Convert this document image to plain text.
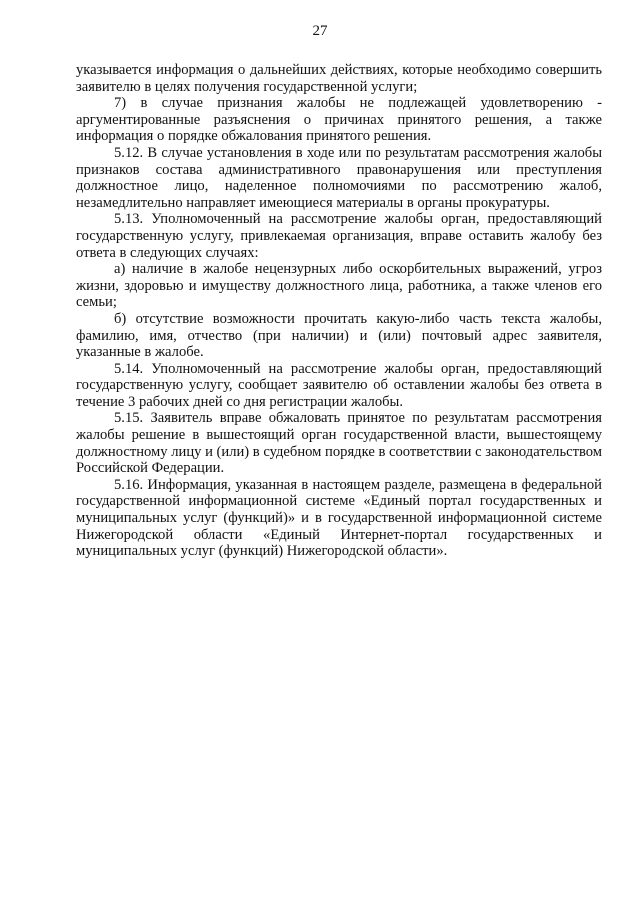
27

указывается информация о дальнейших действиях, которые необходимо совершить заявителю в целях получения государственной услуги;

7) в случае признания жалобы не подлежащей удовлетворению - аргументированные разъяснения о причинах принятого решения, а также информация о порядке обжалования принятого решения.

5.12. В случае установления в ходе или по результатам рассмотрения жалобы признаков состава административного правонарушения или преступления должностное лицо, наделенное полномочиями по рассмотрению жалоб, незамедлительно направляет имеющиеся материалы в органы прокуратуры.

5.13. Уполномоченный на рассмотрение жалобы орган, предоставляющий государственную услугу, привлекаемая организация, вправе оставить жалобу без ответа в следующих случаях:

а) наличие в жалобе нецензурных либо оскорбительных выражений, угроз жизни, здоровью и имуществу должностного лица, работника, а также членов его семьи;

б) отсутствие возможности прочитать какую-либо часть текста жалобы, фамилию, имя, отчество (при наличии) и (или) почтовый адрес заявителя, указанные в жалобе.

5.14. Уполномоченный на рассмотрение жалобы орган, предоставляющий государственную услугу, сообщает заявителю об оставлении жалобы без ответа в течение 3 рабочих дней со дня регистрации жалобы.

5.15. Заявитель вправе обжаловать принятое по результатам рассмотрения жалобы решение в вышестоящий орган государственной власти, вышестоящему должностному лицу и (или) в судебном порядке в соответствии с законодательством Российской Федерации.

5.16. Информация, указанная в настоящем разделе, размещена в федеральной государственной информационной системе «Единый портал государственных и муниципальных услуг (функций)» и в государственной информационной системе Нижегородской области «Единый Интернет-портал государственных и муниципальных услуг (функций) Нижегородской области».
